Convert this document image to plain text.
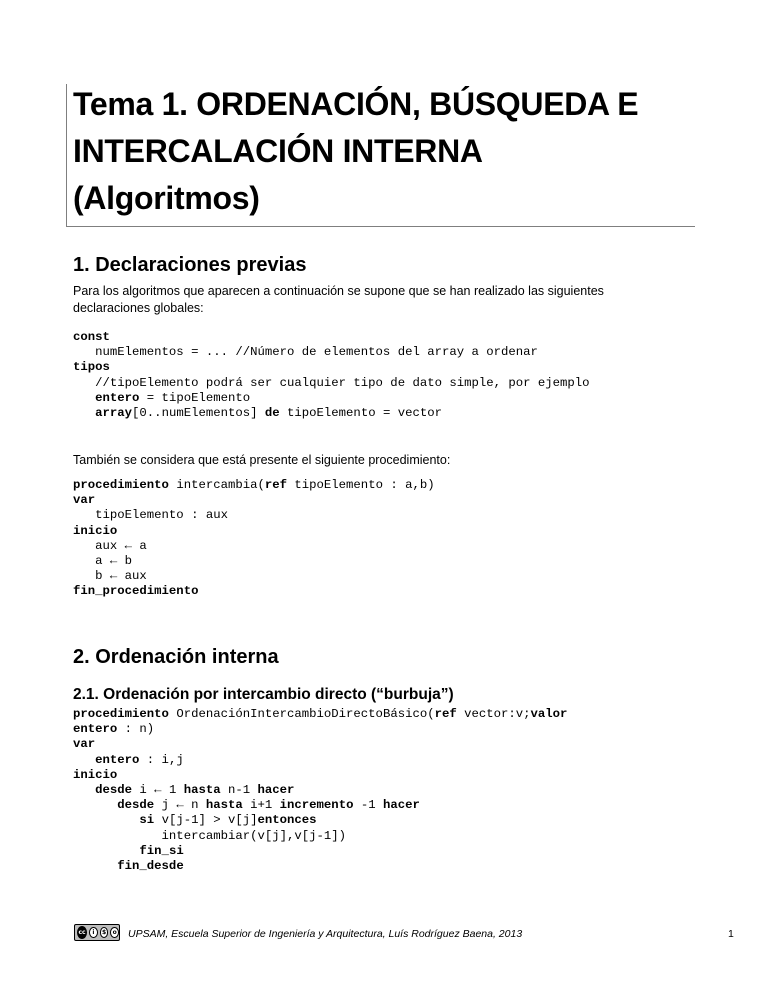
Tema 1. ORDENACIÓN, BÚSQUEDA E
INTERCALACIÓN INTERNA
(Algoritmos)
1. Declaraciones previas
Para los algoritmos que aparecen a continuación se supone que se han realizado las siguientes
declaraciones globales:
const
numElementos = ... //Número de elementos del array a ordenar
tipos
//tipoElemento podrá ser cualquier tipo de dato simple, por ejemplo
entero = tipoElemento
array[0..numElementos] de tipoElemento = vector
También se considera que está presente el siguiente procedimiento:
procedimiento intercambia(ref tipoElemento : a,b)
var
tipoElemento : aux
inicio
aux ← a
a ← b
b ← aux
fin_procedimiento
2. Ordenación interna
2.1. Ordenación por intercambio directo (“burbuja”)
procedimiento OrdenaciónIntercambioDirectoBásico(ref vector:v;valor
entero : n)
var
entero : i,j
inicio
desde i ← 1 hasta n-1 hacer
desde j ← n hasta i+1 incremento -1 hacer
si v[j-1] > v[j]entonces
intercambiar(v[j],v[j-1])
fin_si
fin_desde
cc	i	$	o UPSAM, Escuela Superior de Ingeniería y Arquitectura, Luís Rodríguez Baena, 2013	1
